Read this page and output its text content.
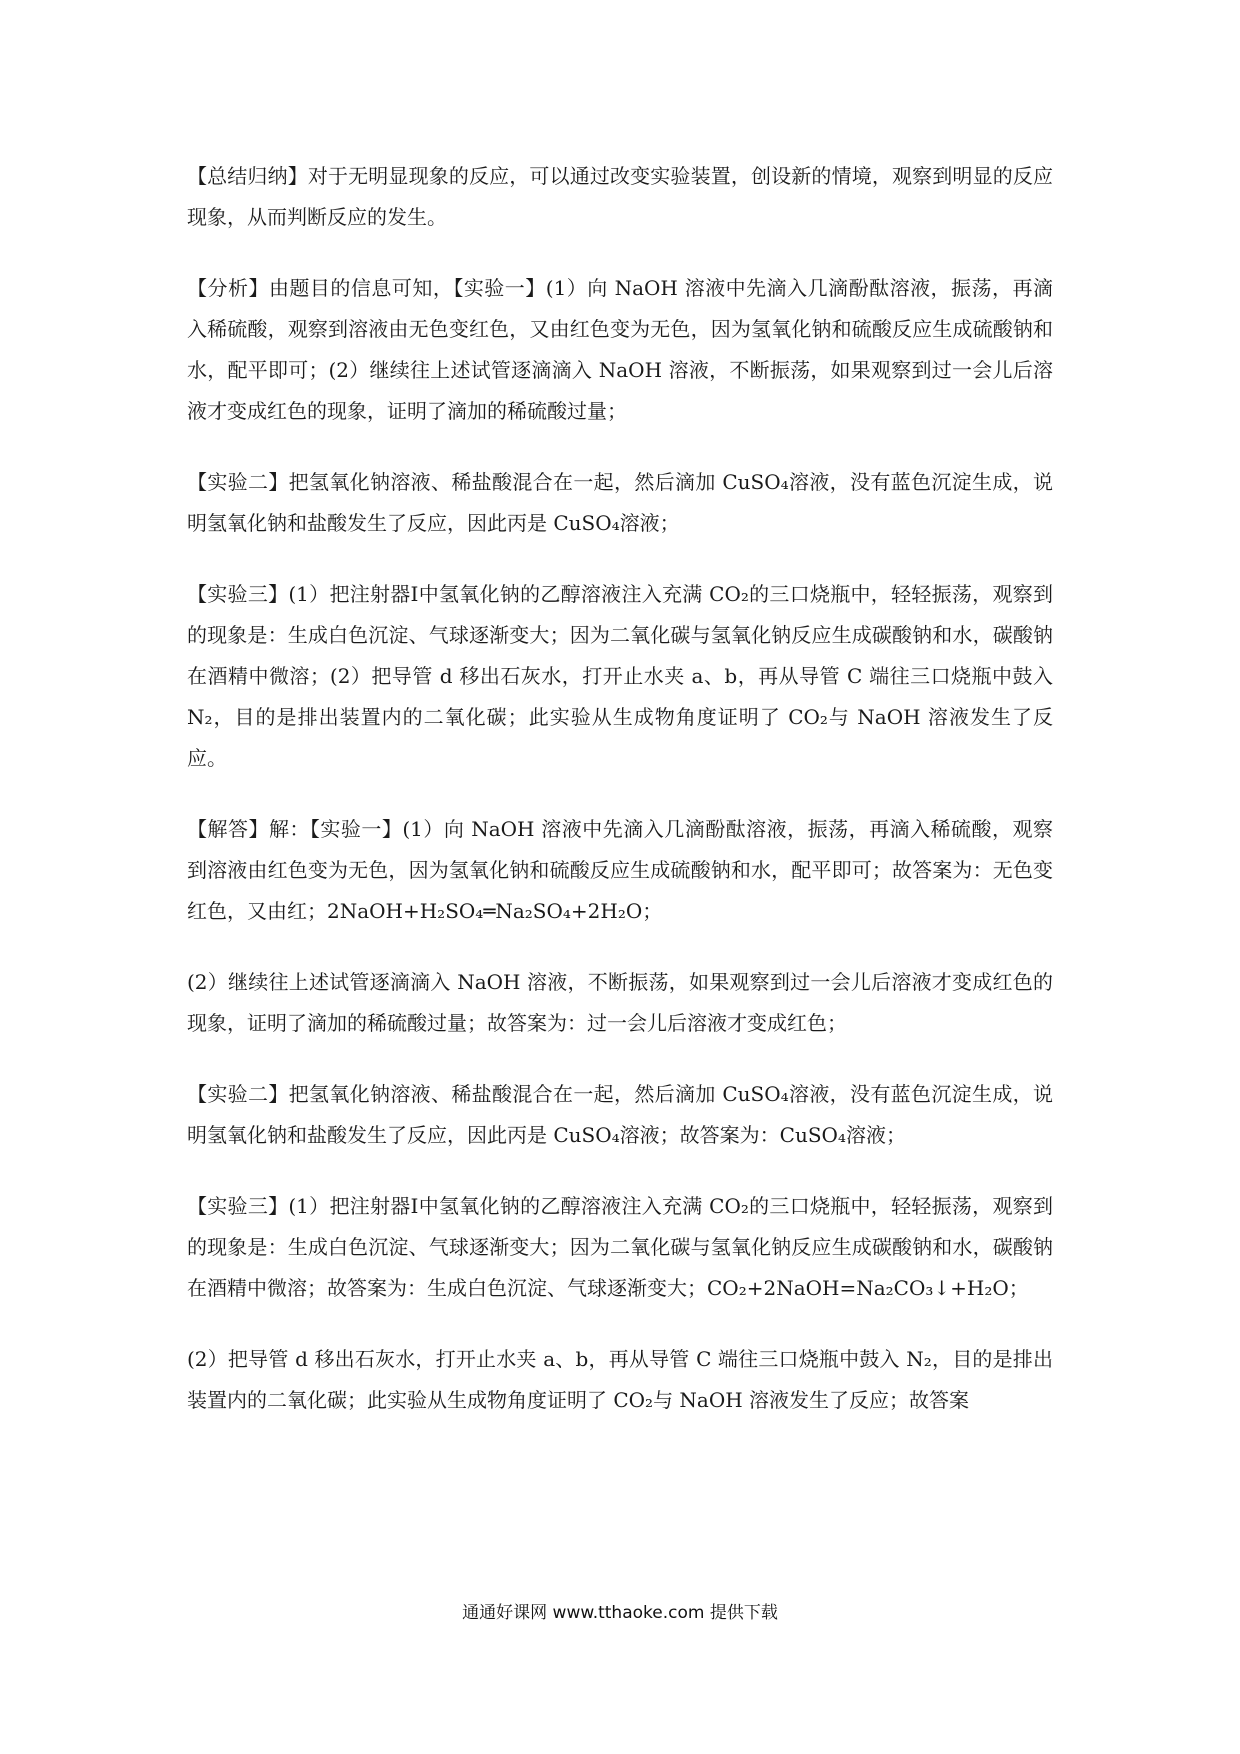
【总结归纳】对于无明显现象的反应，可以通过改变实验装置，创设新的情境，观察到明显的反应现象，从而判断反应的发生。

【分析】由题目的信息可知，【实验一】(1）向 NaOH 溶液中先滴入几滴酚酞溶液，振荡，再滴入稀硫酸，观察到溶液由无色变红色，又由红色变为无色，因为氢氧化钠和硫酸反应生成硫酸钠和水，配平即可；(2）继续往上述试管逐滴滴入 NaOH 溶液，不断振荡，如果观察到过一会儿后溶液才变成红色的现象，证明了滴加的稀硫酸过量；

【实验二】把氢氧化钠溶液、稀盐酸混合在一起，然后滴加 CuSO₄溶液，没有蓝色沉淀生成，说明氢氧化钠和盐酸发生了反应，因此丙是 CuSO₄溶液；

【实验三】(1）把注射器Ⅰ中氢氧化钠的乙醇溶液注入充满 CO₂的三口烧瓶中，轻轻振荡，观察到的现象是：生成白色沉淀、气球逐渐变大；因为二氧化碳与氢氧化钠反应生成碳酸钠和水，碳酸钠在酒精中微溶；(2）把导管 d 移出石灰水，打开止水夹 a、b，再从导管 C 端往三口烧瓶中鼓入 N₂，目的是排出装置内的二氧化碳；此实验从生成物角度证明了 CO₂与 NaOH 溶液发生了反应。

【解答】解：【实验一】(1）向 NaOH 溶液中先滴入几滴酚酞溶液，振荡，再滴入稀硫酸，观察到溶液由红色变为无色，因为氢氧化钠和硫酸反应生成硫酸钠和水，配平即可；故答案为：无色变红色，又由红；2NaOH+H₂SO₄═Na₂SO₄+2H₂O；

(2）继续往上述试管逐滴滴入 NaOH 溶液，不断振荡，如果观察到过一会儿后溶液才变成红色的现象，证明了滴加的稀硫酸过量；故答案为：过一会儿后溶液才变成红色；

【实验二】把氢氧化钠溶液、稀盐酸混合在一起，然后滴加 CuSO₄溶液，没有蓝色沉淀生成，说明氢氧化钠和盐酸发生了反应，因此丙是 CuSO₄溶液；故答案为：CuSO₄溶液；

【实验三】(1）把注射器Ⅰ中氢氧化钠的乙醇溶液注入充满 CO₂的三口烧瓶中，轻轻振荡，观察到的现象是：生成白色沉淀、气球逐渐变大；因为二氧化碳与氢氧化钠反应生成碳酸钠和水，碳酸钠在酒精中微溶；故答案为：生成白色沉淀、气球逐渐变大；CO₂+2NaOH=Na₂CO₃↓+H₂O；

(2）把导管 d 移出石灰水，打开止水夹 a、b，再从导管 C 端往三口烧瓶中鼓入 N₂，目的是排出装置内的二氧化碳；此实验从生成物角度证明了 CO₂与 NaOH 溶液发生了反应；故答案

通通好课网 www.tthaoke.com 提供下载
